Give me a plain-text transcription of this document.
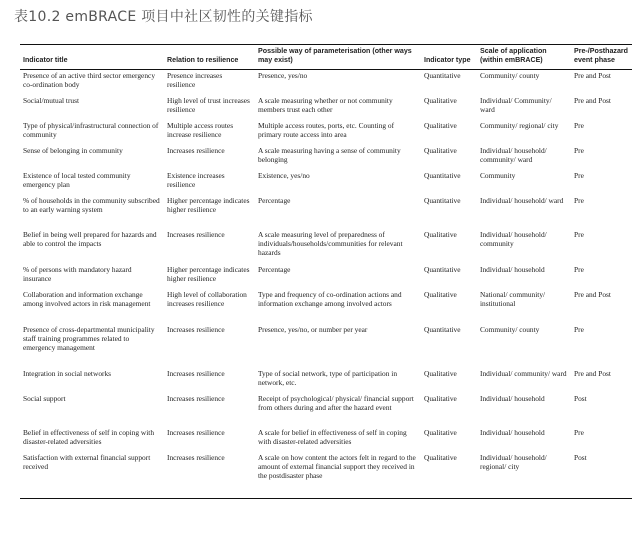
表10.2 emBRACE 项目中社区韧性的关键指标
Indicator title	Relation to resilience	Possible way of parameterisation (other ways may exist)	Indicator type	Scale of application (within emBRACE)	Pre-/Posthazard event phase
Presence of an active third sector emergency co-ordination body	Presence increases resilience	Presence, yes/no	Quantitative	Community/ county	Pre and Post
Social/mutual trust	High level of trust increases resilience	A scale measuring whether or not community members trust each other	Qualitative	Individual/ Community/ ward	Pre and Post
Type of physical/infrastructural connection of community	Multiple access routes increase resilience	Multiple access routes, ports, etc. Counting of primary route access into area	Qualitative	Community/ regional/ city	Pre
Sense of belonging in community	Increases resilience	A scale measuring having a sense of community belonging	Qualitative	Individual/ household/ community/ ward	Pre
Existence of local tested community emergency plan	Existence increases resilience	Existence, yes/no	Quantitative	Community	Pre
% of households in the community subscribed to an early warning system	Higher percentage indicates higher resilience	Percentage	Quantitative	Individual/ household/ ward	Pre
Belief in being well prepared for hazards and able to control the impacts	Increases resilience	A scale measuring level of preparedness of individuals/households/communities for relevant hazards	Qualitative	Individual/ household/ community	Pre
% of persons with mandatory hazard insurance	Higher percentage indicates higher resilience	Percentage	Quantitative	Individual/ household	Pre
Collaboration and information exchange among involved actors in risk management	High level of collaboration increases resilience	Type and frequency of co-ordination actions and information exchange among involved actors	Qualitative	National/ community/ institutional	Pre and Post
Presence of cross-departmental municipality staff training programmes related to emergency management	Increases resilience	Presence, yes/no, or number per year	Quantitative	Community/ county	Pre
Integration in social networks	Increases resilience	Type of social network, type of participation in network, etc.	Qualitative	Individual/ community/ ward	Pre and Post
Social support	Increases resilience	Receipt of psychological/ physical/ financial support from others during and after the hazard event	Qualitative	Individual/ household	Post
Belief in effectiveness of self in coping with disaster-related adversities	Increases resilience	A scale for belief in effectiveness of self in coping with disaster-related adversities	Qualitative	Individual/ household	Pre
Satisfaction with external financial support received	Increases resilience	A scale on how content the actors felt in regard to the amount of external financial support they received in the postdisaster phase	Qualitative	Individual/ household/ regional/ city	Post
